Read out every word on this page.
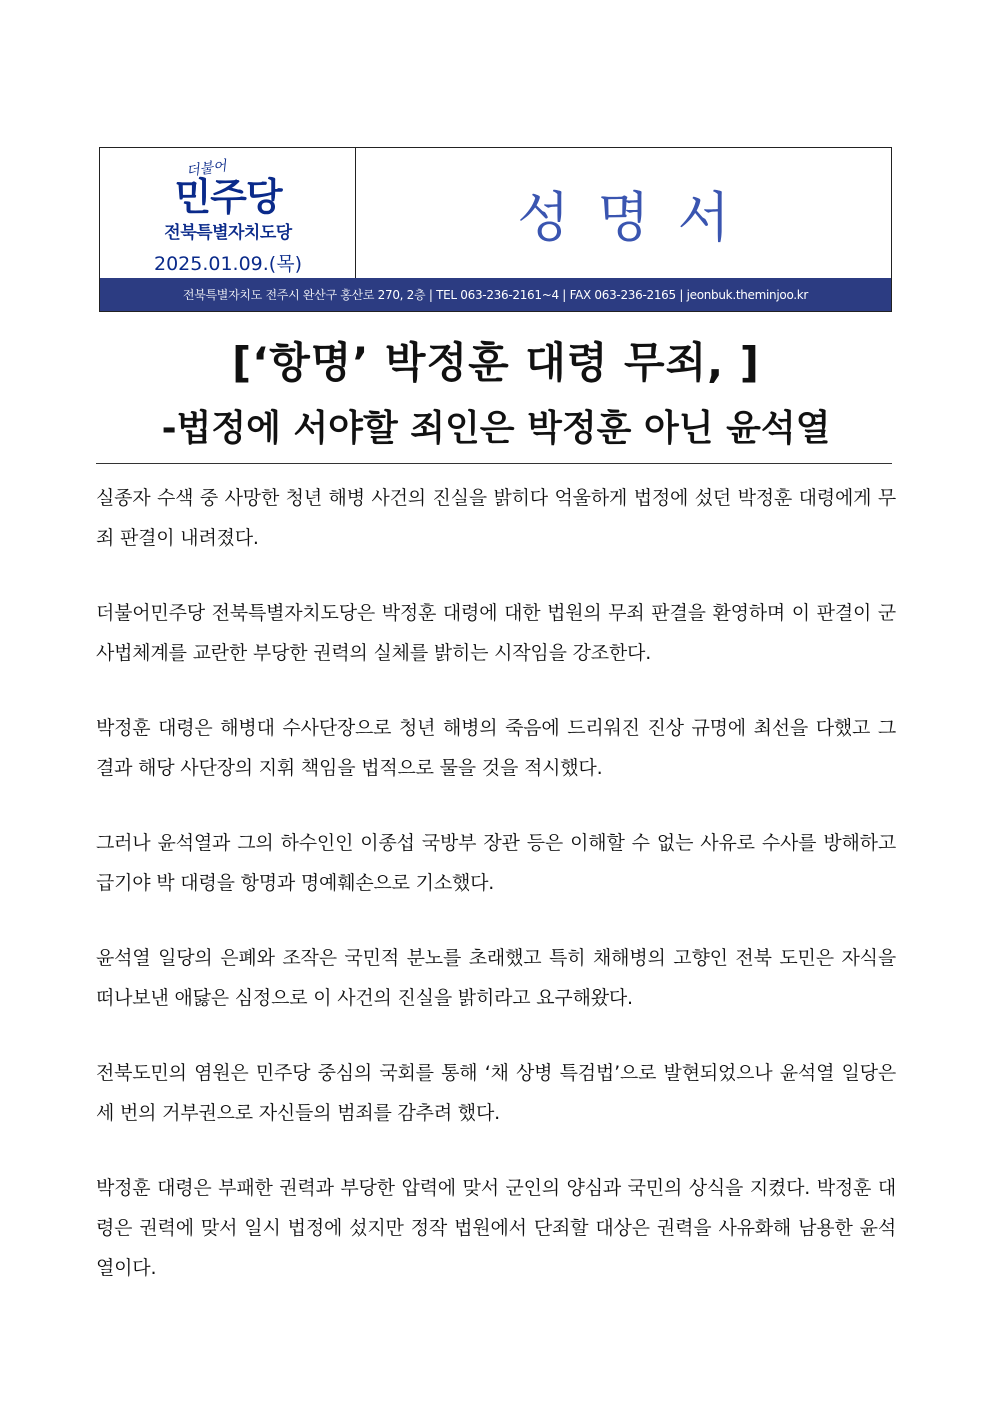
더불어
민주당
전북특별자치도당
2025.01.09.(목)
성명서
전북특별자치도 전주시 완산구 홍산로 270, 2층 | TEL 063-236-2161~4 | FAX 063-236-2165 | jeonbuk.theminjoo.kr
[‘항명’ 박정훈 대령 무죄, ]
-법정에 서야할 죄인은 박정훈 아닌 윤석열

실종자 수색 중 사망한 청년 해병 사건의 진실을 밝히다 억울하게 법정에 섰던 박정훈 대령에게 무죄 판결이 내려졌다.

더불어민주당 전북특별자치도당은 박정훈 대령에 대한 법원의 무죄 판결을 환영하며 이 판결이 군 사법체계를 교란한 부당한 권력의 실체를 밝히는 시작임을 강조한다.

박정훈 대령은 해병대 수사단장으로 청년 해병의 죽음에 드리워진 진상 규명에 최선을 다했고 그 결과 해당 사단장의 지휘 책임을 법적으로 물을 것을 적시했다.

그러나 윤석열과 그의 하수인인 이종섭 국방부 장관 등은 이해할 수 없는 사유로 수사를 방해하고 급기야 박 대령을 항명과 명예훼손으로 기소했다.

윤석열 일당의 은폐와 조작은 국민적 분노를 초래했고 특히 채해병의 고향인 전북 도민은 자식을 떠나보낸 애닳은 심정으로 이 사건의 진실을 밝히라고 요구해왔다.

전북도민의 염원은 민주당 중심의 국회를 통해 ‘채 상병 특검법’으로 발현되었으나 윤석열 일당은 세 번의 거부권으로 자신들의 범죄를 감추려 했다.

박정훈 대령은 부패한 권력과 부당한 압력에 맞서 군인의 양심과 국민의 상식을 지켰다. 박정훈 대령은 권력에 맞서 일시 법정에 섰지만 정작 법원에서 단죄할 대상은 권력을 사유화해 남용한 윤석열이다.
